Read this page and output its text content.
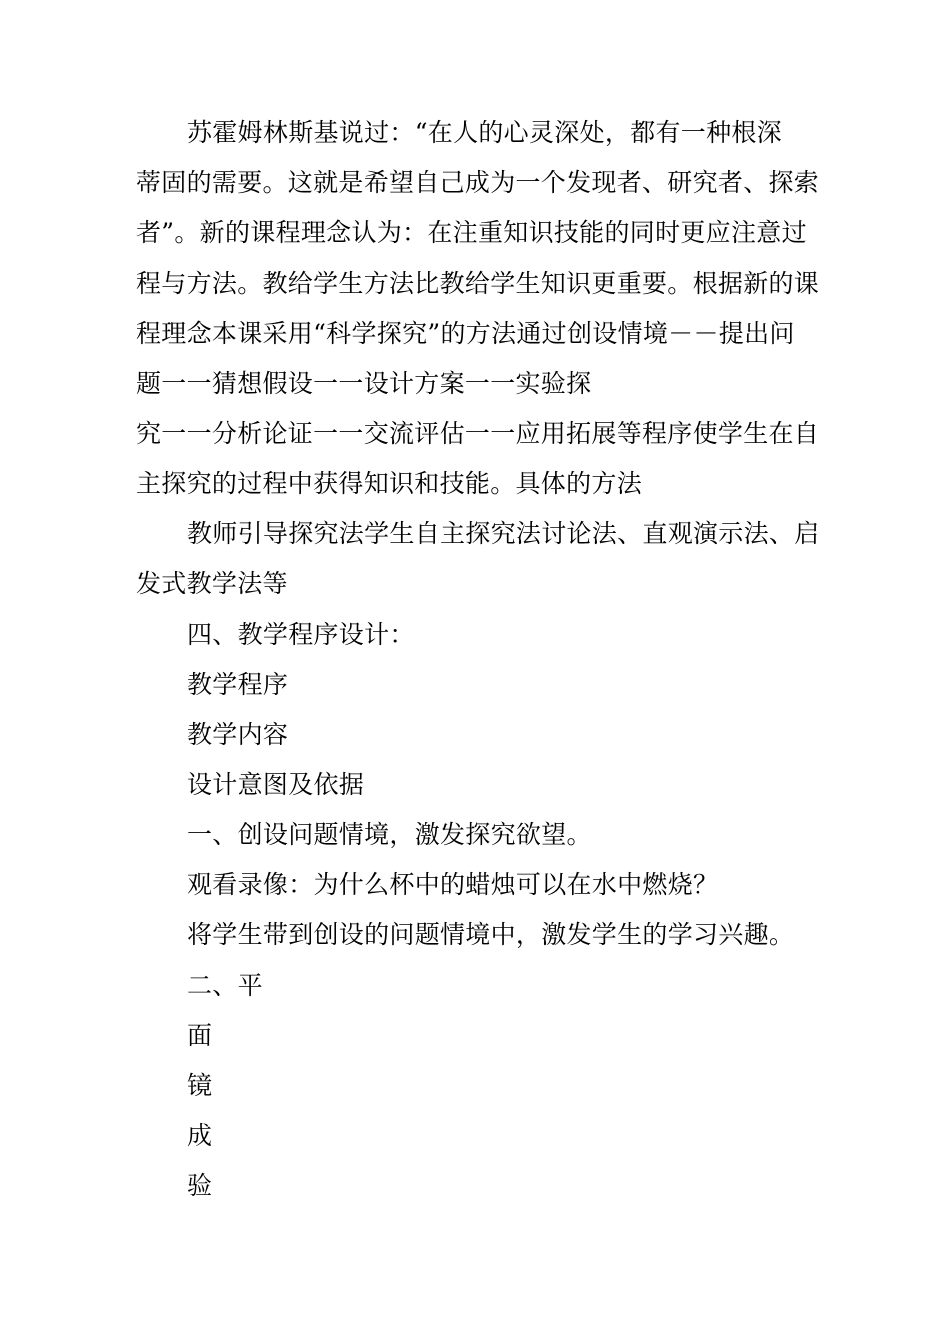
苏霍姆林斯基说过：“在人的心灵深处，都有一种根深
蒂固的需要。这就是希望自己成为一个发现者、研究者、探索
者”。新的课程理念认为：在注重知识技能的同时更应注意过
程与方法。教给学生方法比教给学生知识更重要。根据新的课
程理念本课采用“科学探究”的方法通过创设情境－－提出问
题一一猜想假设一一设计方案一一实验探
究一一分析论证一一交流评估一一应用拓展等程序使学生在自
主探究的过程中获得知识和技能。具体的方法
教师引导探究法学生自主探究法讨论法、直观演示法、启
发式教学法等
四、教学程序设计：
教学程序
教学内容
设计意图及依据
一、创设问题情境，激发探究欲望。
观看录像：为什么杯中的蜡烛可以在水中燃烧？
将学生带到创设的问题情境中，激发学生的学习兴趣。
二、平
面
镜
成
验
